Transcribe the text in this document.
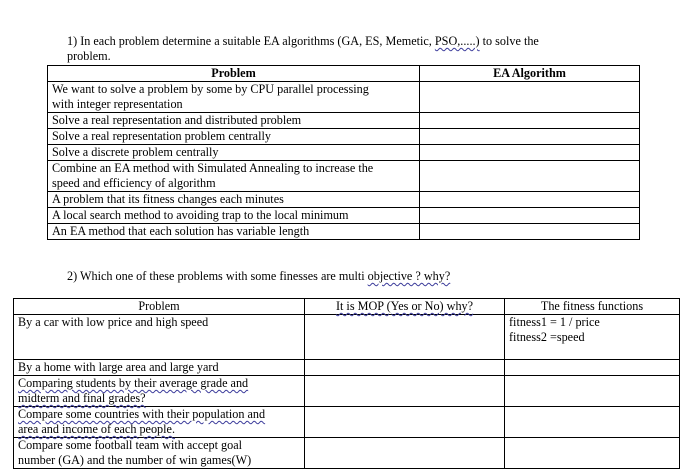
1) In each problem determine a suitable EA algorithms (GA, ES, Memetic, PSO,.....) to solve the
problem.
Problem	EA Algorithm
We want to solve a problem by some by CPU parallel processing
with integer representation	
Solve a real representation and distributed problem	
Solve a real representation problem centrally	
Solve a discrete problem centrally	
Combine an EA method with Simulated Annealing to increase the
speed and efficiency of algorithm	
A problem that its fitness changes each minutes	
A local search method to avoiding trap to the local minimum	
An EA method that each solution has variable length	
2) Which one of these problems with some finesses are multi objective ? why?
Problem	It is MOP (Yes or No) why?	The fitness functions
By a car with low price and high speed		fitness1 = 1 / price
fitness2 =speed
By a home with large area and large yard		
Comparing students by their average grade and
midterm and final grades?		
Compare some countries with their population and
area and income of each people.		
Compare some football team with accept goal
number (GA) and the number of win games(W)		
